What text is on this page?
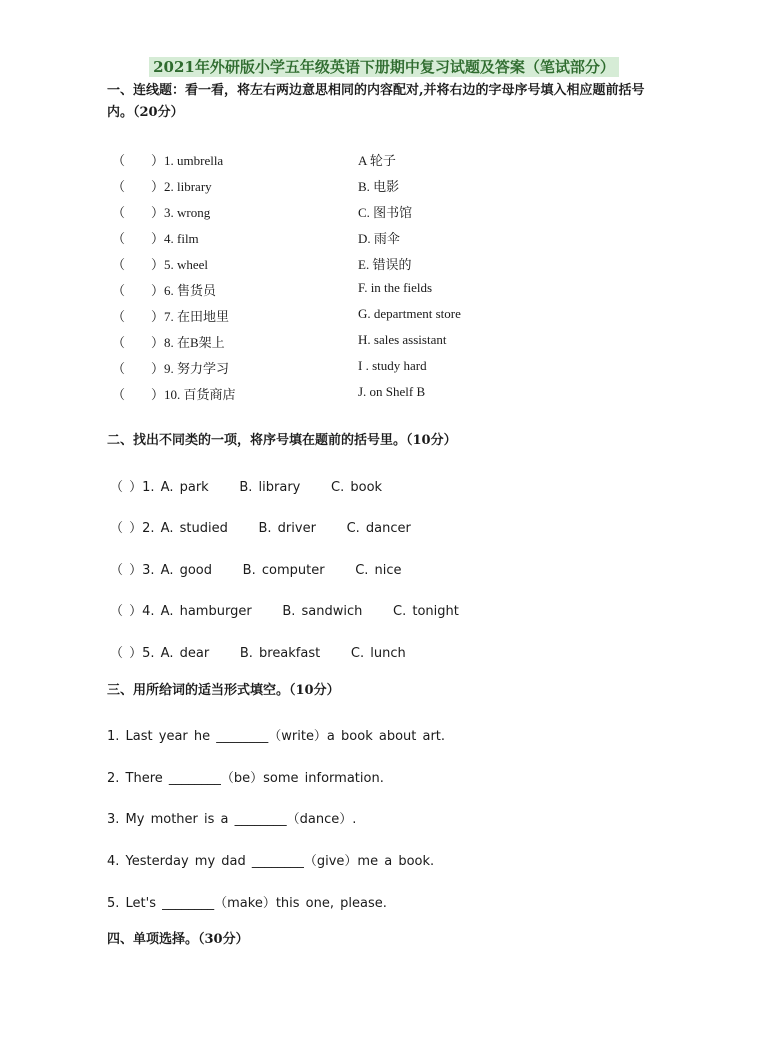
2021年外研版小学五年级英语下册期中复习试题及答案（笔试部分）
一、连线题：看一看，将左右两边意思相同的内容配对,并将右边的字母序号填入相应题前括号内。（20分）
（　　）1. umbrella
（　　）2. library
（　　）3. wrong
（　　）4. film
（　　）5. wheel
（　　）6. 售货员
（　　）7. 在田地里
（　　）8. 在B架上
（　　）9. 努力学习
（　　）10. 百货商店
A 轮子
B. 电影
C. 图书馆
D. 雨伞
E. 错误的
F. in the fields
G. department store
H. sales assistant
I . study hard
J. on Shelf B
二、找出不同类的一项，将序号填在题前的括号里。（10分）
（ ）1. A. park     B. library     C. book
（ ）2. A. studied     B. driver     C. dancer
（ ）3. A. good     B. computer     C. nice
（ ）4. A. hamburger     B. sandwich     C. tonight
（ ）5. A. dear     B. breakfast     C. lunch
三、用所给词的适当形式填空。（10分）
1. Last year he ________（write）a book about art.
2. There ________（be）some information.
3. My mother is a ________（dance）.
4. Yesterday my dad ________（give）me a book.
5. Let's ________（make）this one, please.
四、单项选择。（30分）
